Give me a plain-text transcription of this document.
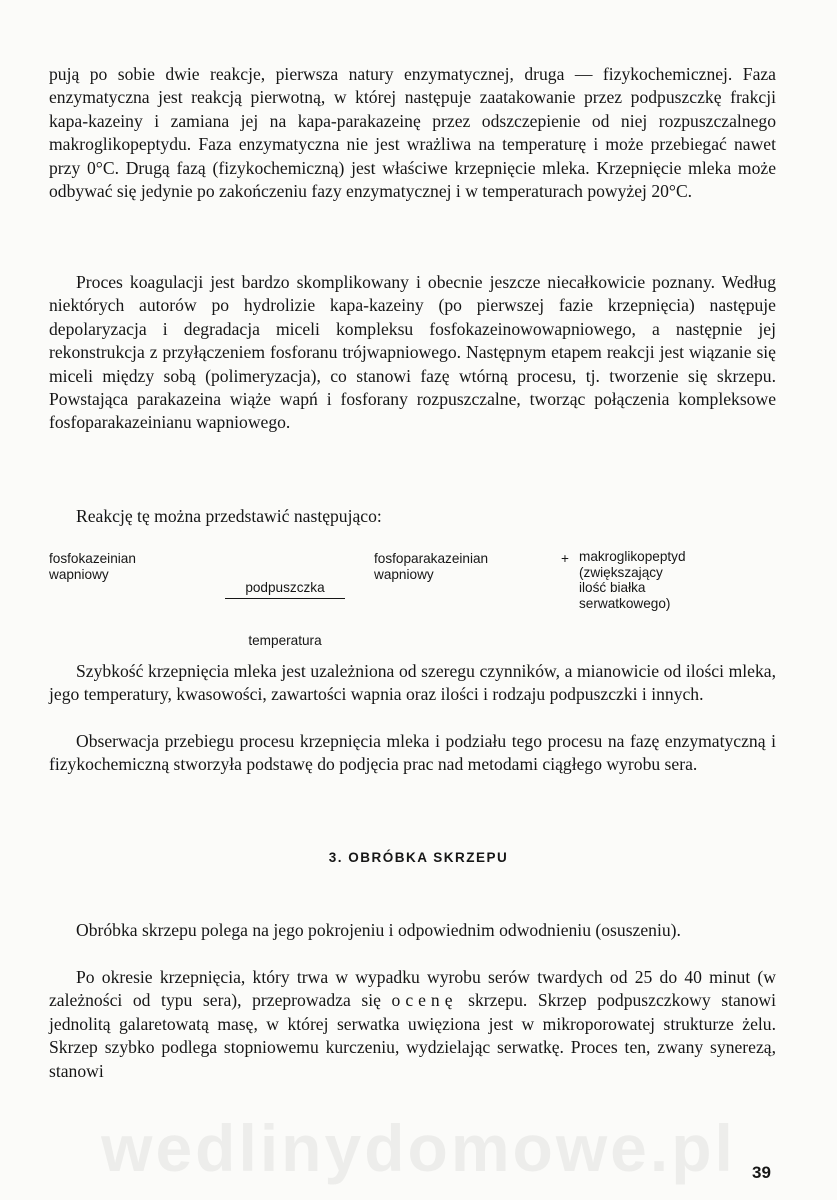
pują po sobie dwie reakcje, pierwsza natury enzymatycznej, druga — fizykochemicznej. Faza enzymatyczna jest reakcją pierwotną, w której następuje zaatakowanie przez podpuszczkę frakcji kapa-kazeiny i zamiana jej na kapa-parakazeinę przez odszczepienie od niej rozpuszczalnego makroglikopeptydu. Faza enzymatyczna nie jest wrażliwa na temperaturę i może przebiegać nawet przy 0°C. Drugą fazą (fizykochemiczną) jest właściwe krzepnięcie mleka. Krzepnięcie mleka może odbywać się jedynie po zakończeniu fazy enzymatycznej i w temperaturach powyżej 20°C.

Proces koagulacji jest bardzo skomplikowany i obecnie jeszcze niecałkowicie poznany. Według niektórych autorów po hydrolizie kapa-kazeiny (po pierwszej fazie krzepnięcia) następuje depolaryzacja i degradacja miceli kompleksu fosfokazeinowowapniowego, a następnie jej rekonstrukcja z przyłączeniem fosforanu trójwapniowego. Następnym etapem reakcji jest wiązanie się miceli między sobą (polimeryzacja), co stanowi fazę wtórną procesu, tj. tworzenie się skrzepu. Powstająca parakazeina wiąże wapń i fosforany rozpuszczalne, tworząc połączenia kompleksowe fosfoparakazeinianu wapniowego.

Reakcję tę można przedstawić następująco:

fosfokazeinian
wapniowy

podpuszczka

temperatura

fosfoparakazeinian
wapniowy
+ makroglikopeptyd
(zwiększający
ilość białka
serwatkowego)

Szybkość krzepnięcia mleka jest uzależniona od szeregu czynników, a mianowicie od ilości mleka, jego temperatury, kwasowości, zawartości wapnia oraz ilości i rodzaju podpuszczki i innych.

Obserwacja przebiegu procesu krzepnięcia mleka i podziału tego procesu na fazę enzymatyczną i fizykochemiczną stworzyła podstawę do podjęcia prac nad metodami ciągłego wyrobu sera.

3. OBRÓBKA SKRZEPU

Obróbka skrzepu polega na jego pokrojeniu i odpowiednim odwodnieniu (osuszeniu).

Po okresie krzepnięcia, który trwa w wypadku wyrobu serów twardych od 25 do 40 minut (w zależności od typu sera), przeprowadza się ocenę skrzepu. Skrzep podpuszczkowy stanowi jednolitą galaretowatą masę, w której serwatka uwięziona jest w mikroporowatej strukturze żelu. Skrzep szybko podlega stopniowemu kurczeniu, wydzielając serwatkę. Proces ten, zwany synerezą, stanowi

wedlinydomowe.pl 39
